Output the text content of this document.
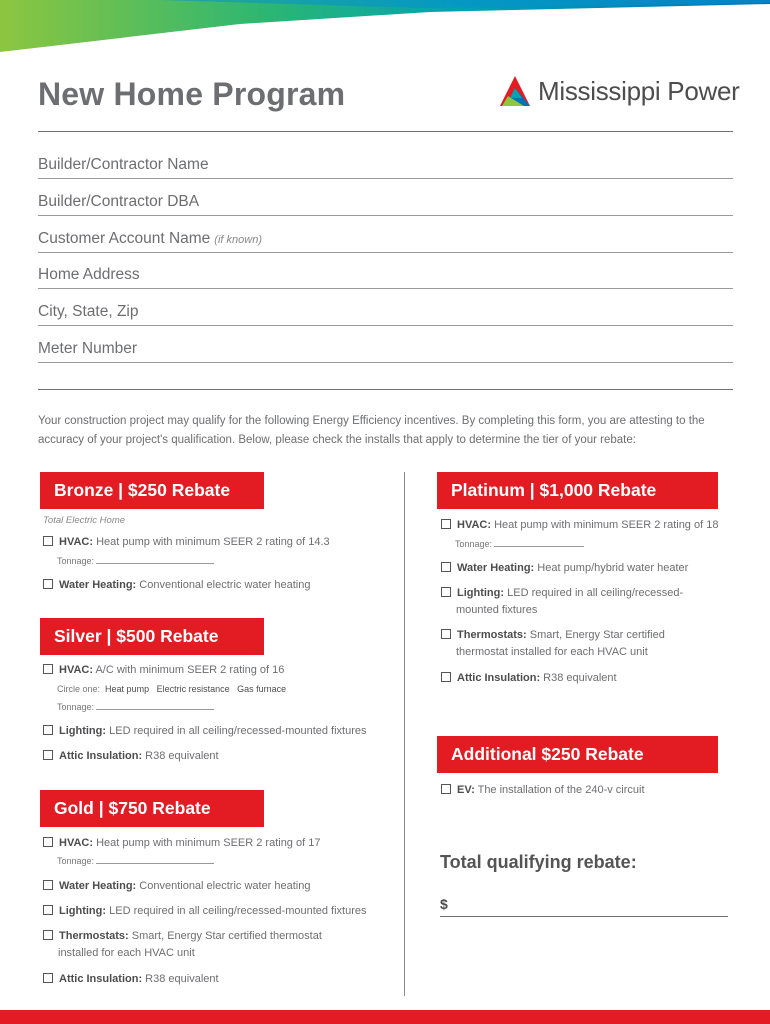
New Home Program	Mississippi Power
Builder/Contractor Name
Builder/Contractor DBA
Customer Account Name (if known)
Home Address
City, State, Zip
Meter Number
Your construction project may qualify for the following Energy Efficiency incentives. By completing this form, you are attesting to the accuracy of your project's qualification. Below, please check the installs that apply to determine the tier of your rebate:
Bronze | $250 Rebate
Total Electric Home
HVAC: Heat pump with minimum SEER 2 rating of 14.3
Tonnage:
Water Heating: Conventional electric water heating
Silver | $500 Rebate
HVAC: A/C with minimum SEER 2 rating of 16
Circle one: Heat pump Electric resistance Gas furnace
Tonnage:
Lighting: LED required in all ceiling/recessed-mounted fixtures
Attic Insulation: R38 equivalent
Gold | $750 Rebate
HVAC: Heat pump with minimum SEER 2 rating of 17
Tonnage:
Water Heating: Conventional electric water heating
Lighting: LED required in all ceiling/recessed-mounted fixtures
Thermostats: Smart, Energy Star certified thermostat
installed for each HVAC unit
Attic Insulation: R38 equivalent
Platinum | $1,000 Rebate
HVAC: Heat pump with minimum SEER 2 rating of 18
Tonnage:
Water Heating: Heat pump/hybrid water heater
Lighting: LED required in all ceiling/recessed-
mounted fixtures
Thermostats: Smart, Energy Star certified
thermostat installed for each HVAC unit
Attic Insulation: R38 equivalent
Additional $250 Rebate
EV: The installation of the 240-v circuit
Total qualifying rebate:
$
